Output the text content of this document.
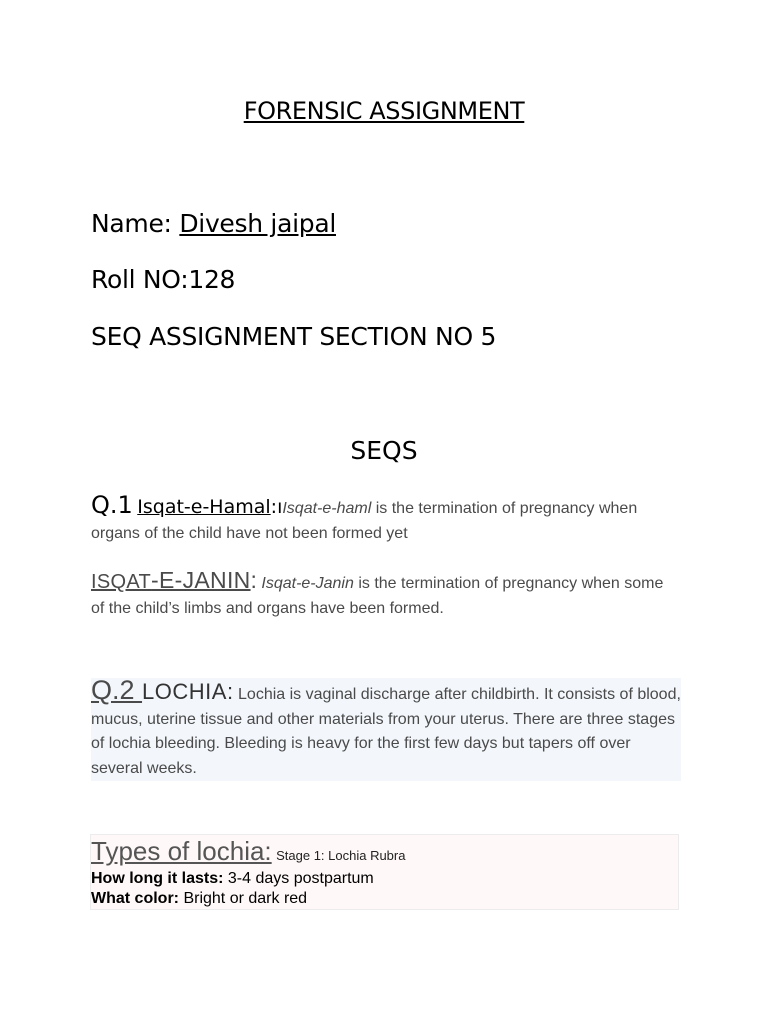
FORENSIC ASSIGNMENT
Name: Divesh jaipal
Roll NO:128
SEQ ASSIGNMENT SECTION NO 5
SEQS
Q.1 Isqat-e-Hamal:ıIsqat-e-haml is the termination of pregnancy when organs of the child have not been formed yet
ISQAT-E-JANIN: Isqat-e-Janin is the termination of pregnancy when some of the child’s limbs and organs have been formed.
Q.2 LOCHIA: Lochia is vaginal discharge after childbirth. It consists of blood, mucus, uterine tissue and other materials from your uterus. There are three stages of lochia bleeding. Bleeding is heavy for the first few days but tapers off over several weeks.
Types of lochia: Stage 1: Lochia Rubra
How long it lasts: 3-4 days postpartum
What color: Bright or dark red
